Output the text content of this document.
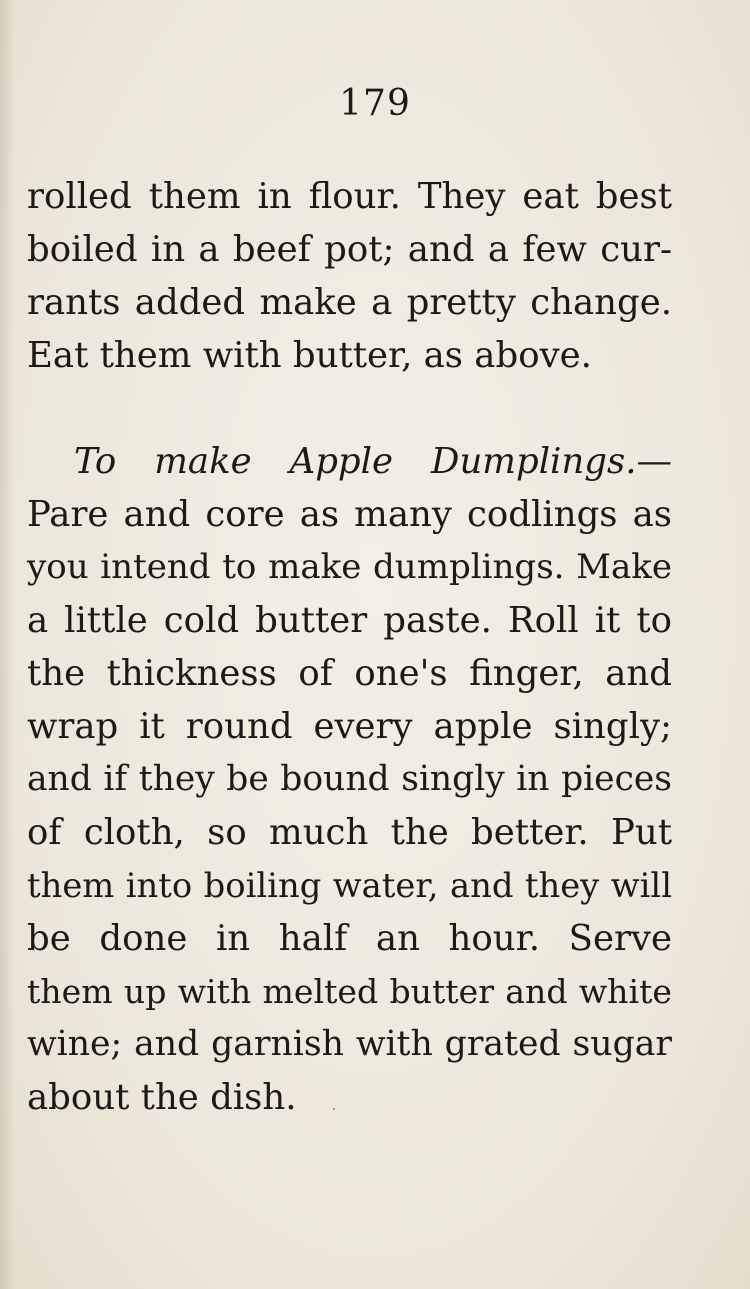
179
rolled them in flour. They eat best
boiled in a beef pot; and a few cur-
rants added make a pretty change.
Eat them with butter, as above.
To make Apple Dumplings.—
Pare and core as many codlings as
you intend to make dumplings. Make
a little cold butter paste. Roll it to
the thickness of one's finger, and
wrap it round every apple singly;
and if they be bound singly in pieces
of cloth, so much the better. Put
them into boiling water, and they will
be done in half an hour. Serve
them up with melted butter and white
wine; and garnish with grated sugar
about the dish.
